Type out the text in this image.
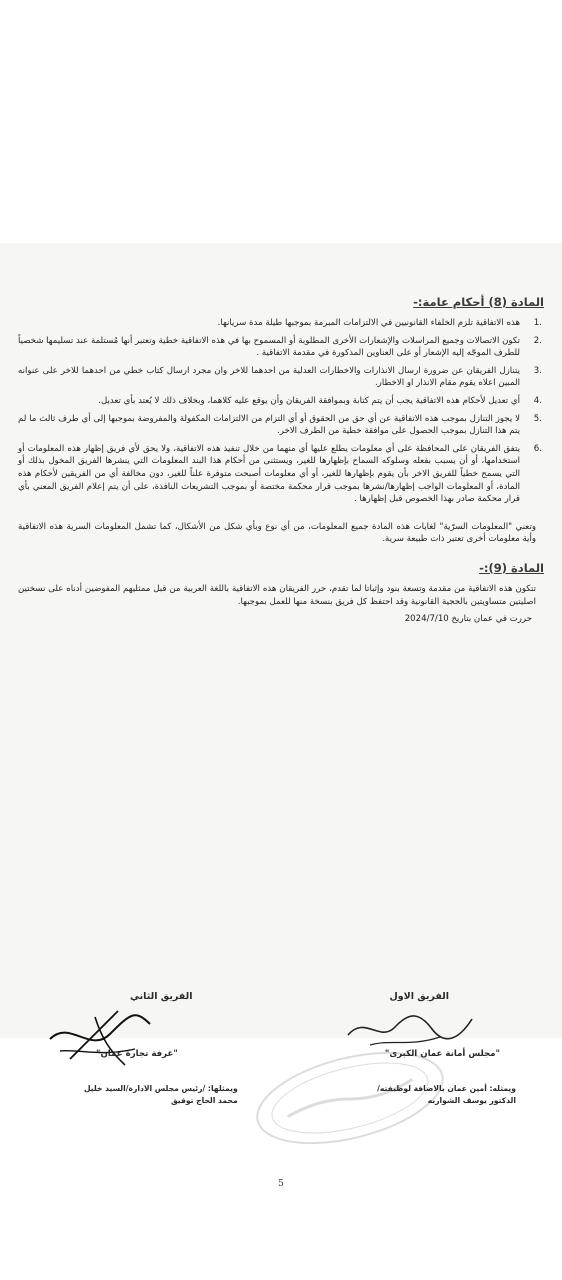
المادة (8) أحكام عامة:-
1.
هذه الاتفاقية تلزم الخلفاء القانونيين في الالتزامات المبرمة بموجبها طيلة مدة سريانها.
2.
تكون الاتصالات وجميع المراسلات والإشعارات الأخرى المطلوبة أو المسموح بها في هذه الاتفاقية خطية وتعتبر أنها مُستلمة عند تسليمها شخصياً للطرف الموجّه إليه الإشعار أو على العناوين المذكورة في مقدمة الاتفاقية .
3.
يتنازل الفريقان عن ضرورة ارسال الانذارات والاخطارات العدلية من احدهما للاخر وان مجرد ارسال كتاب خطي من احدهما للاخر على عنوانه المبين اعلاه يقوم مقام الانذار او الاخطار.
4.
أي تعديل لأحكام هذه الاتفاقية يجب أن يتم كتابة وبموافقة الفريقان وأن يوقع عليه كلاهما، وبخلاف ذلك لا يُعتد بأي تعديل.
5.
لا يجوز التنازل بموجب هذه الاتفاقية عن أي حق من الحقوق أو أي التزام من الالتزامات المكفولة والمفروضة بموجبها إلى أي طرف ثالث ما لم يتم هذا التنازل بموجب الحصول على موافقة خطية من الطرف الاخر.
6.
يتفق الفريقان على المحافظة على أي معلومات يطلع عليها أي منهما من خلال تنفيذ هذه الاتفاقية، ولا يحق لأي فريق إظهار هذه المعلومات أو استخدامها، أو أن يسبب بفعله وسلوكه السماح بإظهارها للغير، ويستثنى من أحكام هذا البند المعلومات التي ينشرها الفريق المخول بذلك أو التي يسمح خطياً للفريق الاخر بأن يقوم بإظهارها للغير، أو أي معلومات أصبحت متوفرة علناً للغير، دون مخالفة أي من الفريقين لأحكام هذه المادة، أو المعلومات الواجب إظهارها/نشرها بموجب قرار محكمة مختصة أو بموجب التشريعات النافذة، على أن يتم إعلام الفريق المعني بأي قرار محكمة صادر بهذا الخصوص قبل إظهارها .
وتعني "المعلومات السرّية" لغايات هذه المادة جميع المعلومات، من أي نوع وبأي شكل من الأشكال، كما تشمل المعلومات السرية هذه الاتفاقية وأية معلومات أخرى تعتبر ذات طبيعة سرية.
المادة (9):-
تتكون هذه الاتفاقية من مقدمة وتسعة بنود وإثباتا لما تقدم، حرر الفريقان هذه الاتفاقية باللغة العربية من قبل ممثليهم المفوضين أدناه على نسختين اصليتين متساويتين بالحجية القانونية وقد احتفظ كل فريق بنسخة منها للعمل بموجبها.
حررت في عمان بتاريخ 2024/7/10
الفريق الاول
"مجلس أمانة عمان الكبرى"
ويمثله: أمين عمان بالاضافة لوظيفته/
الدكتور يوسف الشواربه
الفريق الثاني
"غرفة تجارة عمان"
ويمثلها: /رئيس مجلس الادارة/السيد خليل
محمد الحاج توفيق
5
